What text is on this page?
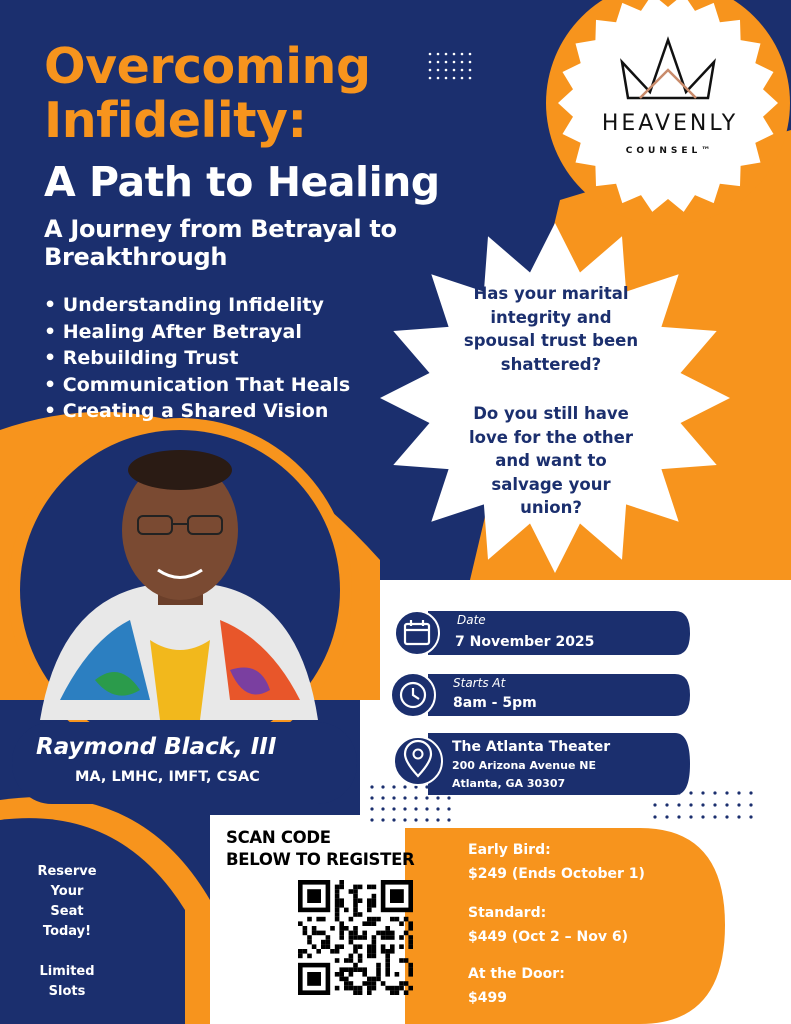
Overcoming
Infidelity:
A Path to Healing
A Journey from Betrayal to Breakthrough
• Understanding Infidelity
• Healing After Betrayal
• Rebuilding Trust
• Communication That Heals
• Creating a Shared Vision
HEAVENLY
COUNSEL™
Has your marital
integrity and
spousal trust been
shattered?
Do you still have
love for the other
and want to
salvage your
union?
Raymond Black, III
MA, LMHC, IMFT, CSAC
Date
7 November 2025
Starts At
8am - 5pm
The Atlanta Theater
200 Arizona Avenue NE
Atlanta, GA 30307
SCAN CODE
BELOW TO REGISTER
Reserve
Your
Seat
Today!
Limited
Slots
Early Bird:
$249 (Ends October 1)
Standard:
$449 (Oct 2 – Nov 6)
At the Door:
$499
